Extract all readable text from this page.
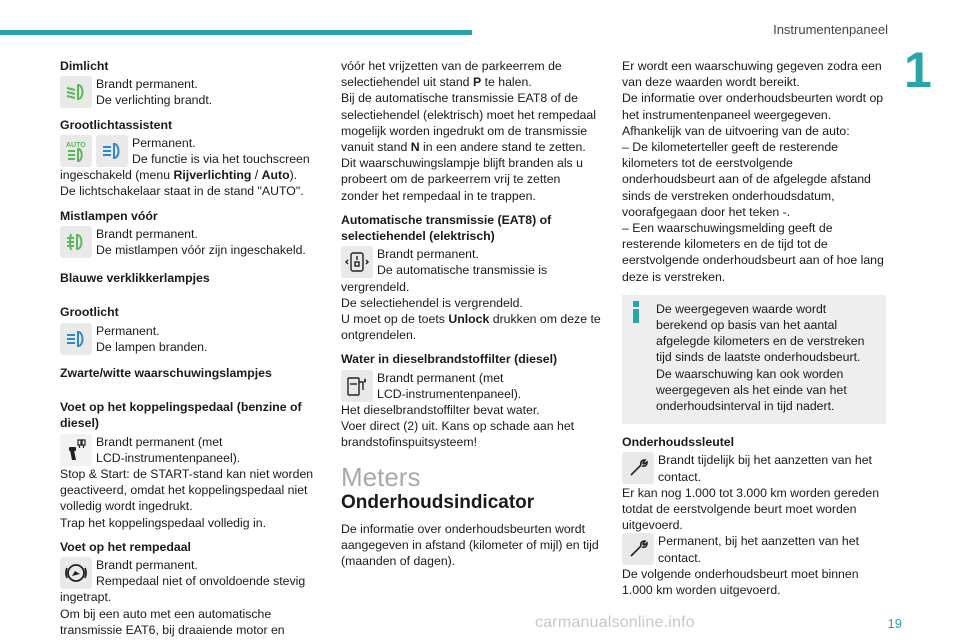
Instrumentenpaneel
1
Dimlicht
Brandt permanent.
De verlichting brandt.
Grootlichtassistent
AUTO	Permanent.
De functie is via het touchscreen

ingeschakeld (menu Rijverlichting / Auto).
De lichtschakelaar staat in de stand "AUTO".

Mistlampen vóór
Brandt permanent.
De mistlampen vóór zijn ingeschakeld.
Blauwe verklikkerlampjes
Grootlicht
Permanent.
De lampen branden.
Zwarte/witte waarschuwingslampjes
Voet op het koppelingspedaal (benzine of diesel)
Brandt permanent (met
LCD-instrumentenpaneel).

Stop & Start: de START-stand kan niet worden geactiveerd, omdat het koppelingspedaal niet volledig wordt ingedrukt.
Trap het koppelingspedaal volledig in.

Voet op het rempedaal
Brandt permanent.
Rempedaal niet of onvoldoende stevig

ingetrapt.
Om bij een auto met een automatische transmissie EAT6, bij draaiende motor en

vóór het vrijzetten van de parkeerrem de selectiehendel uit stand P te halen.
Bij de automatische transmissie EAT8 of de selectiehendel (elektrisch) moet het rempedaal mogelijk worden ingedrukt om de transmissie vanuit stand N in een andere stand te zetten.
Dit waarschuwingslampje blijft branden als u probeert om de parkeerrem vrij te zetten zonder het rempedaal in te trappen.

Automatische transmissie (EAT8) of selectiehendel (elektrisch)
Brandt permanent.
De automatische transmissie is

vergrendeld.
De selectiehendel is vergrendeld.
U moet op de toets Unlock drukken om deze te ontgrendelen.

Water in dieselbrandstoffilter (diesel)
Brandt permanent (met
LCD-instrumentenpaneel).

Het dieselbrandstoffilter bevat water.
Voer direct (2) uit. Kans op schade aan het brandstofinspuitsysteem!

Meters
Onderhoudsindicator

De informatie over onderhoudsbeurten wordt aangegeven in afstand (kilometer of mijl) en tijd (maanden of dagen).

Er wordt een waarschuwing gegeven zodra een van deze waarden wordt bereikt.
De informatie over onderhoudsbeurten wordt op het instrumentenpaneel weergegeven.
Afhankelijk van de uitvoering van de auto:
– De kilometerteller geeft de resterende kilometers tot de eerstvolgende onderhoudsbeurt aan of de afgelegde afstand sinds de verstreken onderhoudsdatum, voorafgegaan door het teken -.
– Een waarschuwingsmelding geeft de resterende kilometers en de tijd tot de eerstvolgende onderhoudsbeurt aan of hoe lang deze is verstreken.

De weergegeven waarde wordt berekend op basis van het aantal afgelegde kilometers en de verstreken tijd sinds de laatste onderhoudsbeurt.
De waarschuwing kan ook worden weergegeven als het einde van het onderhoudsinterval in tijd nadert.

Onderhoudssleutel
Brandt tijdelijk bij het aanzetten van het contact.

Er kan nog 1.000 tot 3.000 km worden gereden totdat de eerstvolgende beurt moet worden uitgevoerd.

Permanent, bij het aanzetten van het contact.

De volgende onderhoudsbeurt moet binnen 1.000 km worden uitgevoerd.

carmanualsonline.info	19
